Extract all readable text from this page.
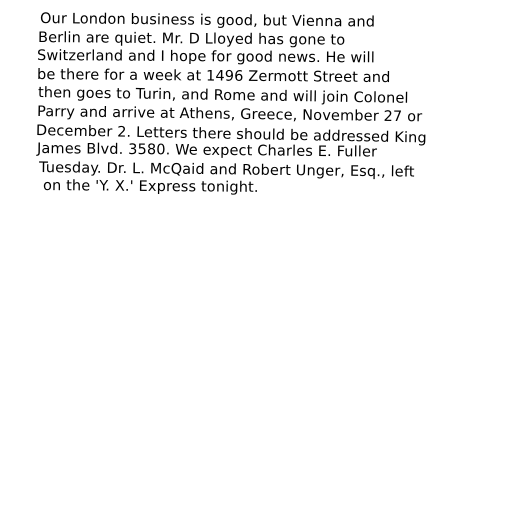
Our London business is good, but Vienna and
Berlin are quiet. Mr. D Lloyed has gone to
Switzerland and I hope for good news. He will
be there for a week at 1496 Zermott Street and
then goes to Turin, and Rome and will join Colonel
Parry and arrive at Athens, Greece, November 27 or
December 2. Letters there should be addressed King
James Blvd. 3580. We expect Charles E. Fuller
Tuesday. Dr. L. McQaid and Robert Unger, Esq., left
on the 'Y. X.' Express tonight.
